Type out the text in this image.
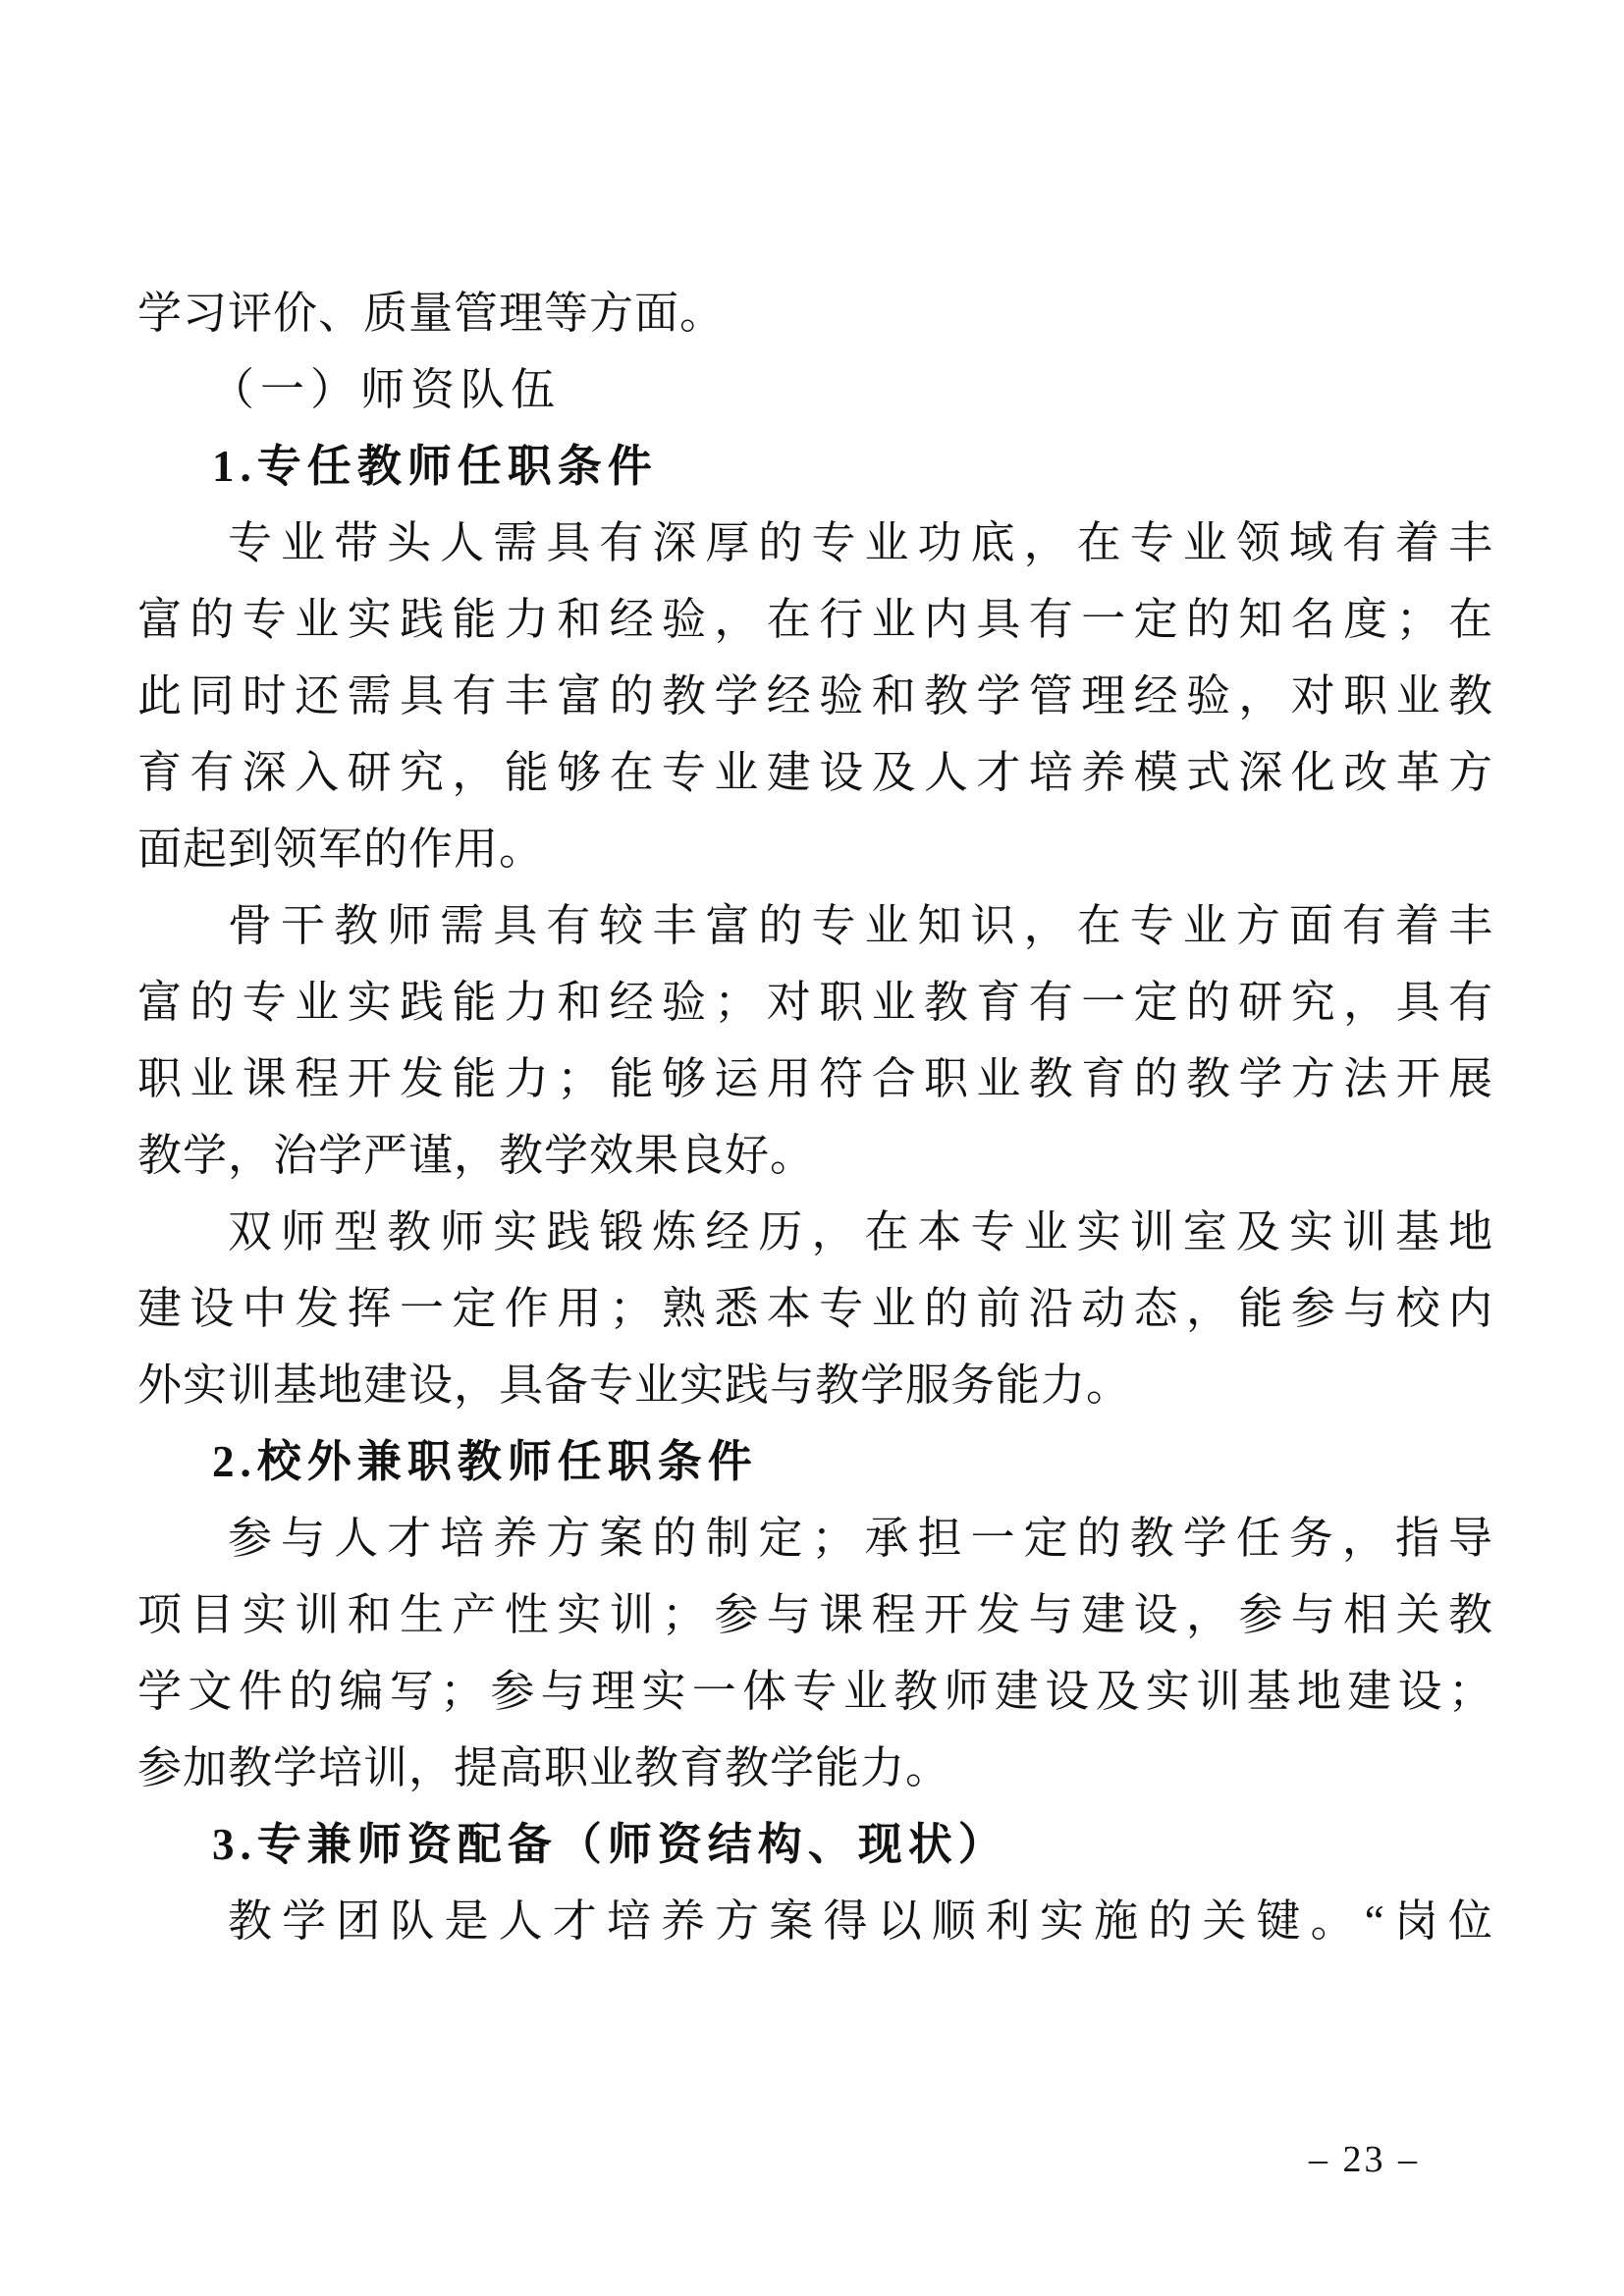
学习评价、质量管理等方面。
（一）师资队伍
1.专任教师任职条件
专业带头人需具有深厚的专业功底，在专业领域有着丰
富的专业实践能力和经验，在行业内具有一定的知名度；在
此同时还需具有丰富的教学经验和教学管理经验，对职业教
育有深入研究，能够在专业建设及人才培养模式深化改革方
面起到领军的作用。
骨干教师需具有较丰富的专业知识，在专业方面有着丰
富的专业实践能力和经验；对职业教育有一定的研究，具有
职业课程开发能力；能够运用符合职业教育的教学方法开展
教学，治学严谨，教学效果良好。
双师型教师实践锻炼经历，在本专业实训室及实训基地
建设中发挥一定作用；熟悉本专业的前沿动态，能参与校内
外实训基地建设，具备专业实践与教学服务能力。
2.校外兼职教师任职条件
参与人才培养方案的制定；承担一定的教学任务，指导
项目实训和生产性实训；参与课程开发与建设，参与相关教
学文件的编写；参与理实一体专业教师建设及实训基地建设；
参加教学培训，提高职业教育教学能力。
3.专兼师资配备（师资结构、现状）
教学团队是人才培养方案得以顺利实施的关键。“岗位
– 23 –
